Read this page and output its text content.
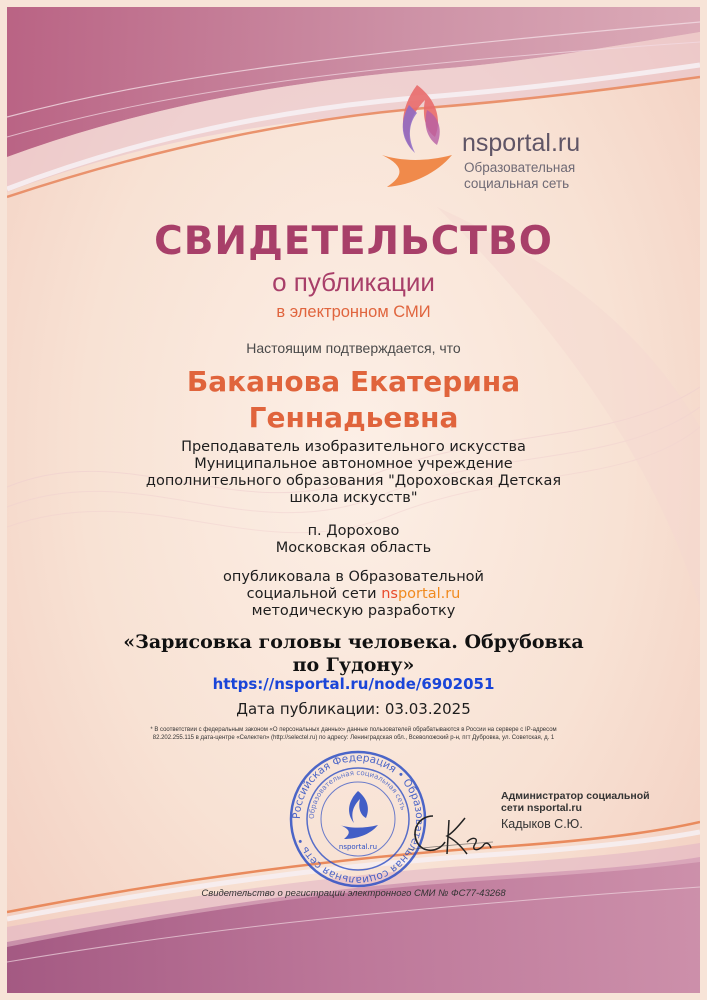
nsportal.ru
Образовательная
социальная сеть
СВИДЕТЕЛЬСТВО
о публикации
в электронном СМИ
Настоящим подтверждается, что
Баканова Екатерина
Геннадьевна
Преподаватель изобразительного искусства
Муниципальное автономное учреждение
дополнительного образования "Дороховская Детская
школа искусств"
п. Дорохово
Московская область
опубликовала в Образовательной
социальной сети nsportal.ru
методическую разработку
«Зарисовка головы человека. Обрубовка
по Гудону»
https://nsportal.ru/node/6902051
Дата публикации: 03.03.2025
* В соответствии с федеральным законом «О персональных данных» данные пользователей обрабатываются в России на сервере с IP-адресом
82.202.255.115 в дата-центре «Селектел» (http://selectel.ru) по адресу: Ленинградская обл., Всеволожский р-н, пгт Дубровка, ул. Советская, д. 1
Российская Федерация • Образовательная социальная сеть •
Образовательная социальная сеть
nsportal.ru
Администратор социальной
сети nsportal.ru
Кадыков С.Ю.
Свидетельство о регистрации электронного СМИ № ФС77-43268
